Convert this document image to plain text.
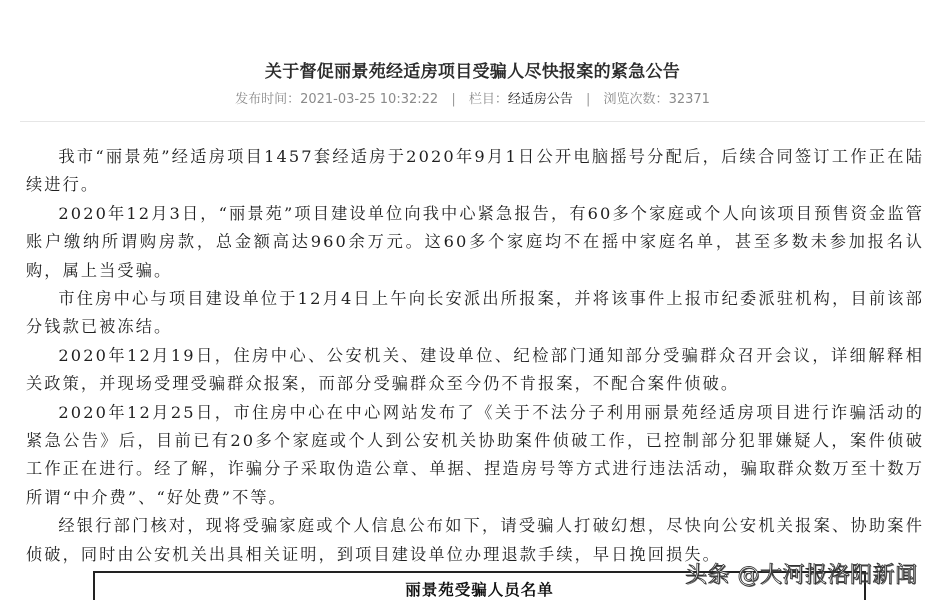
关于督促丽景苑经适房项目受骗人尽快报案的紧急公告
发布时间：2021-03-25 10:32:22 | 栏目：经适房公告 | 浏览次数：32371

我市“丽景苑”经适房项目1457套经适房于2020年9月1日公开电脑摇号分配后，后续合同签订工作正在陆续进行。

2020年12月3日，“丽景苑”项目建设单位向我中心紧急报告，有60多个家庭或个人向该项目预售资金监管账户缴纳所谓购房款，总金额高达960余万元。这60多个家庭均不在摇中家庭名单，甚至多数未参加报名认购，属上当受骗。

市住房中心与项目建设单位于12月4日上午向长安派出所报案，并将该事件上报市纪委派驻机构，目前该部分钱款已被冻结。

2020年12月19日，住房中心、公安机关、建设单位、纪检部门通知部分受骗群众召开会议，详细解释相关政策，并现场受理受骗群众报案，而部分受骗群众至今仍不肯报案，不配合案件侦破。

2020年12月25日，市住房中心在中心网站发布了《关于不法分子利用丽景苑经适房项目进行诈骗活动的紧急公告》后，目前已有20多个家庭或个人到公安机关协助案件侦破工作，已控制部分犯罪嫌疑人，案件侦破工作正在进行。经了解，诈骗分子采取伪造公章、单据、捏造房号等方式进行违法活动，骗取群众数万至十数万所谓“中介费”、“好处费”不等。

经银行部门核对，现将受骗家庭或个人信息公布如下，请受骗人打破幻想，尽快向公安机关报案、协助案件侦破，同时由公安机关出具相关证明，到项目建设单位办理退款手续，早日挽回损失。

丽景苑受骗人员名单
头条 @大河报洛阳新闻
